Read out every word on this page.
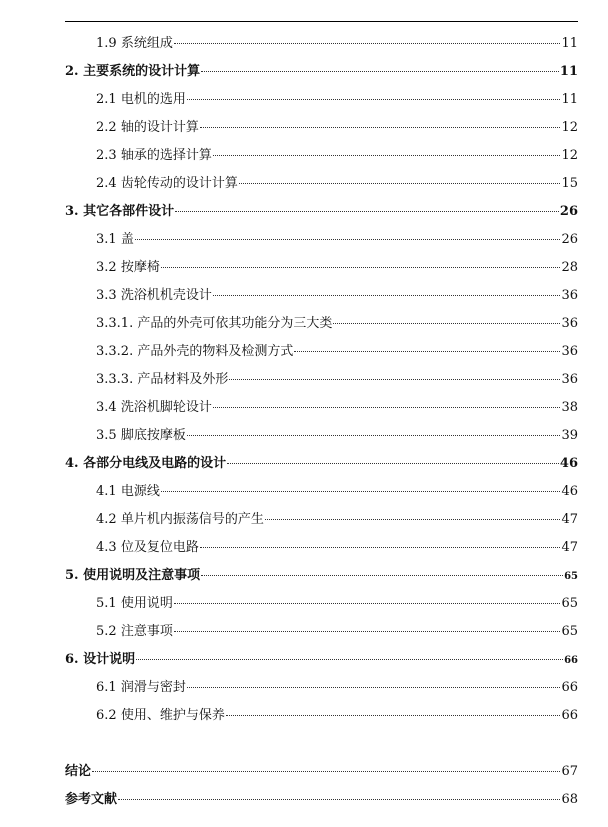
1.9 系统组成	11
2. 主要系统的设计计算	11
2.1 电机的选用	11
2.2 轴的设计计算	12
2.3 轴承的选择计算	12
2.4 齿轮传动的设计计算	15
3. 其它各部件设计	26
3.1 盖	26
3.2 按摩椅	28
3.3 洗浴机机壳设计	36
3.3.1. 产品的外壳可依其功能分为三大类	36
3.3.2. 产品外壳的物料及检测方式	36
3.3.3. 产品材料及外形	36
3.4 洗浴机脚轮设计	38
3.5 脚底按摩板	39
4. 各部分电线及电路的设计	46
4.1 电源线	46
4.2 单片机内振荡信号的产生	47
4.3 位及复位电路	47
5. 使用说明及注意事项	65
5.1 使用说明	65
5.2 注意事项	65
6. 设计说明	66
6.1 润滑与密封	66
6.2 使用、维护与保养	66
结论	67
参考文献	68
